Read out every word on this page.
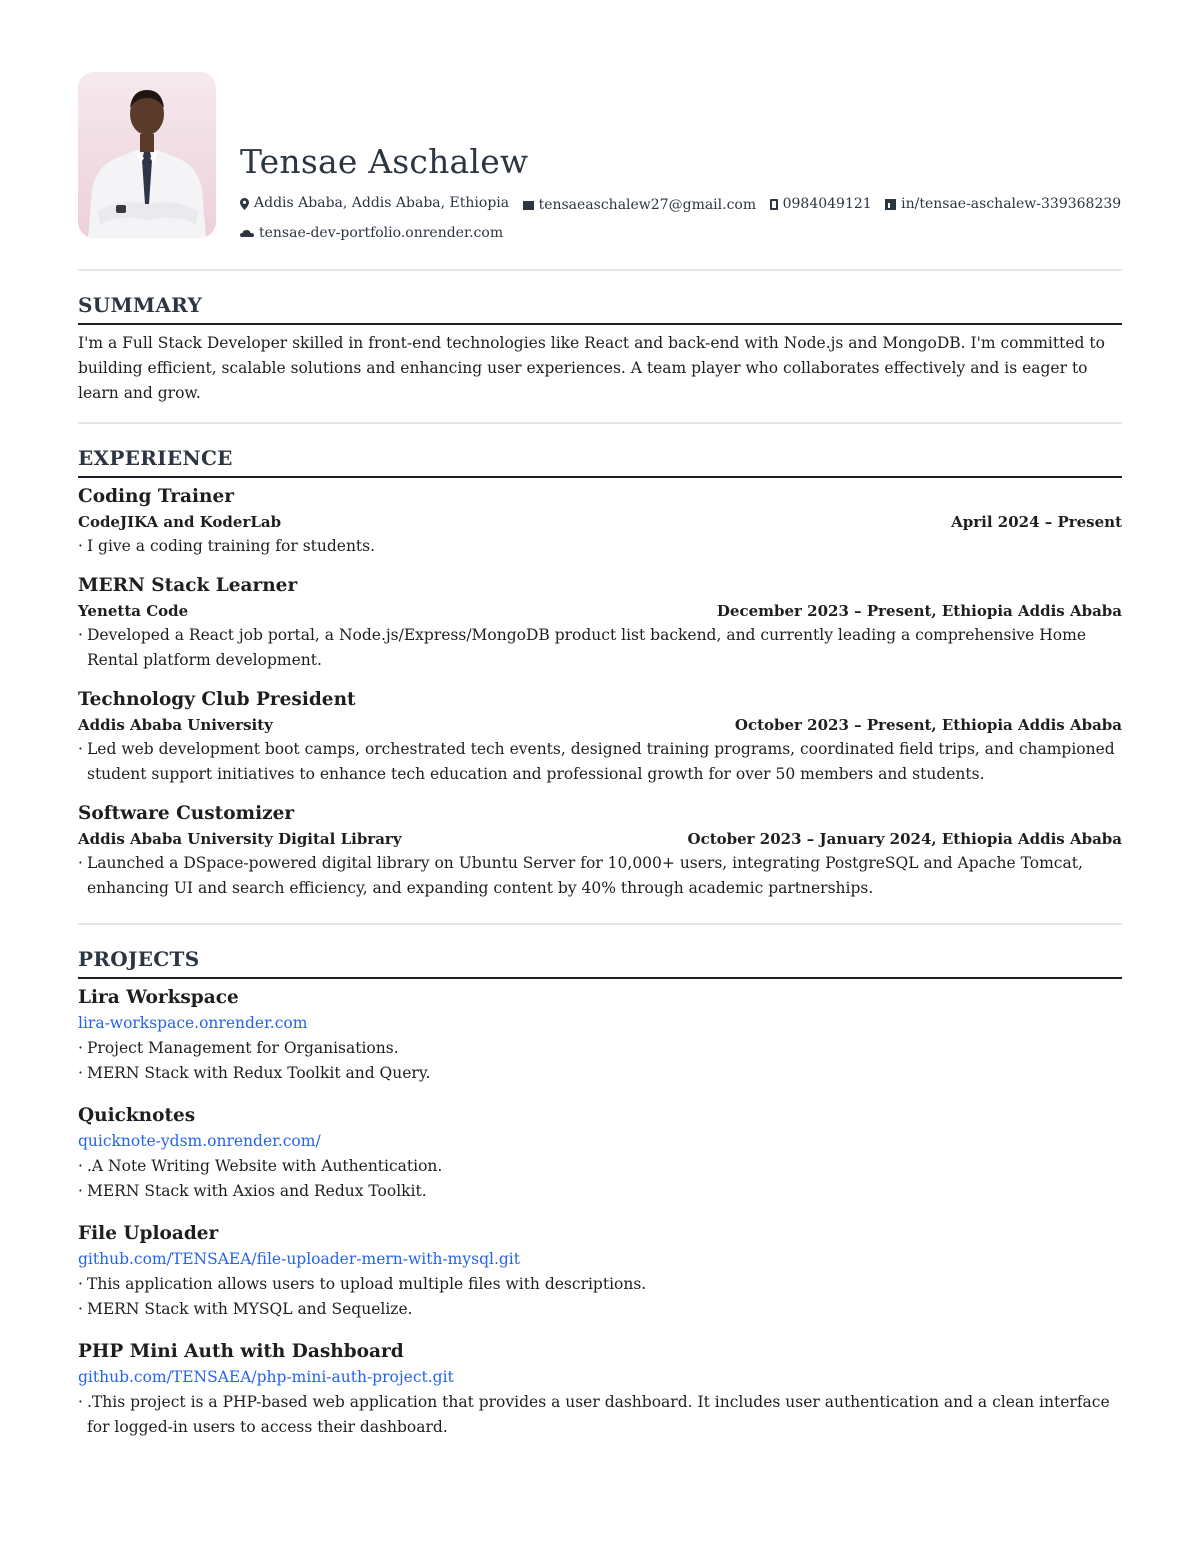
Tensae Aschalew
Addis Ababa, Addis Ababa, Ethiopia
tensaeaschalew27@gmail.com
0984049121
in/tensae-aschalew-339368239

tensae-dev-portfolio.onrender.com
SUMMARY

I'm a Full Stack Developer skilled in front-end technologies like React and back-end with Node.js and MongoDB. I'm committed to building efficient, scalable solutions and enhancing user experiences. A team player who collaborates effectively and is eager to learn and grow.

EXPERIENCE
Coding Trainer
CodeJIKA and KoderLab	April 2024 – Present
· I give a coding training for students.
MERN Stack Learner
Yenetta Code	December 2023 – Present, Ethiopia Addis Ababa
· Developed a React job portal, a Node.js/Express/MongoDB product list backend, and currently leading a comprehensive Home Rental platform development.
Technology Club President
Addis Ababa University	October 2023 – Present, Ethiopia Addis Ababa
· Led web development boot camps, orchestrated tech events, designed training programs, coordinated field trips, and championed student support initiatives to enhance tech education and professional growth for over 50 members and students.
Software Customizer
Addis Ababa University Digital Library	October 2023 – January 2024, Ethiopia Addis Ababa
· Launched a DSpace-powered digital library on Ubuntu Server for 10,000+ users, integrating PostgreSQL and Apache Tomcat, enhancing UI and search efficiency, and expanding content by 40% through academic partnerships.
PROJECTS
Lira Workspace
lira-workspace.onrender.com
· Project Management for Organisations.
· MERN Stack with Redux Toolkit and Query.
Quicknotes
quicknote-ydsm.onrender.com/
· .A Note Writing Website with Authentication.
· MERN Stack with Axios and Redux Toolkit.
File Uploader
github.com/TENSAEA/file-uploader-mern-with-mysql.git
· This application allows users to upload multiple files with descriptions.
· MERN Stack with MYSQL and Sequelize.
PHP Mini Auth with Dashboard
github.com/TENSAEA/php-mini-auth-project.git
· .This project is a PHP-based web application that provides a user dashboard. It includes user authentication and a clean interface for logged-in users to access their dashboard.
